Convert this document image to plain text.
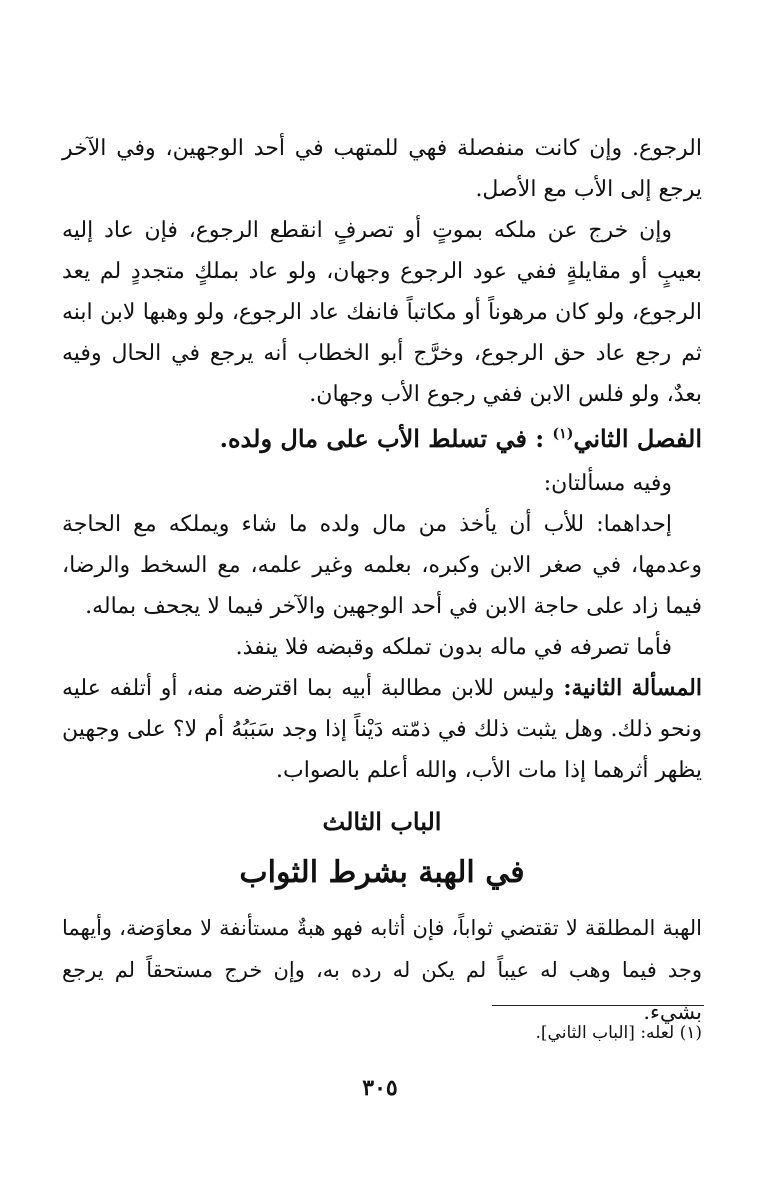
الرجوع. وإن كانت منفصلة فهي للمتهب في أحد الوجهين، وفي الآخر يرجع إلى الأب مع الأصل.

وإن خرج عن ملكه بموتٍ أو تصرفٍ انقطع الرجوع، فإن عاد إليه بعيبٍ أو مقايلةٍ ففي عود الرجوع وجهان، ولو عاد بملكٍ متجددٍ لم يعد الرجوع، ولو كان مرهوناً أو مكاتباً فانفك عاد الرجوع، ولو وهبها لابن ابنه ثم رجع عاد حق الرجوع، وخرَّج أبو الخطاب أنه يرجع في الحال وفيه بعدٌ، ولو فلس الابن ففي رجوع الأب وجهان.

الفصل الثاني$^{(١)}$ : في تسلط الأب على مال ولده.

وفيه مسألتان:

إحداهما: للأب أن يأخذ من مال ولده ما شاء ويملكه مع الحاجة وعدمها، في صغر الابن وكبره، بعلمه وغير علمه، مع السخط والرضا، فيما زاد على حاجة الابن في أحد الوجهين والآخر فيما لا يجحف بماله.

فأما تصرفه في ماله بدون تملكه وقبضه فلا ينفذ.

المسألة الثانية: وليس للابن مطالبة أبيه بما اقترضه منه، أو أتلفه عليه ونحو ذلك. وهل يثبت ذلك في ذمّته دَيْناً إذا وجد سَبَبُهُ أم لا؟ على وجهين يظهر أثرهما إذا مات الأب، والله أعلم بالصواب.

الباب الثالث
في الهبة بشرط الثواب

الهبة المطلقة لا تقتضي ثواباً، فإن أثابه فهو هبةٌ مستأنفة لا معاوَضة، وأيهما وجد فيما وهب له عيباً لم يكن له رده به، وإن خرج مستحقاً لم يرجع بشيء.

(١) لعله: [الباب الثاني].
٣٠٥
